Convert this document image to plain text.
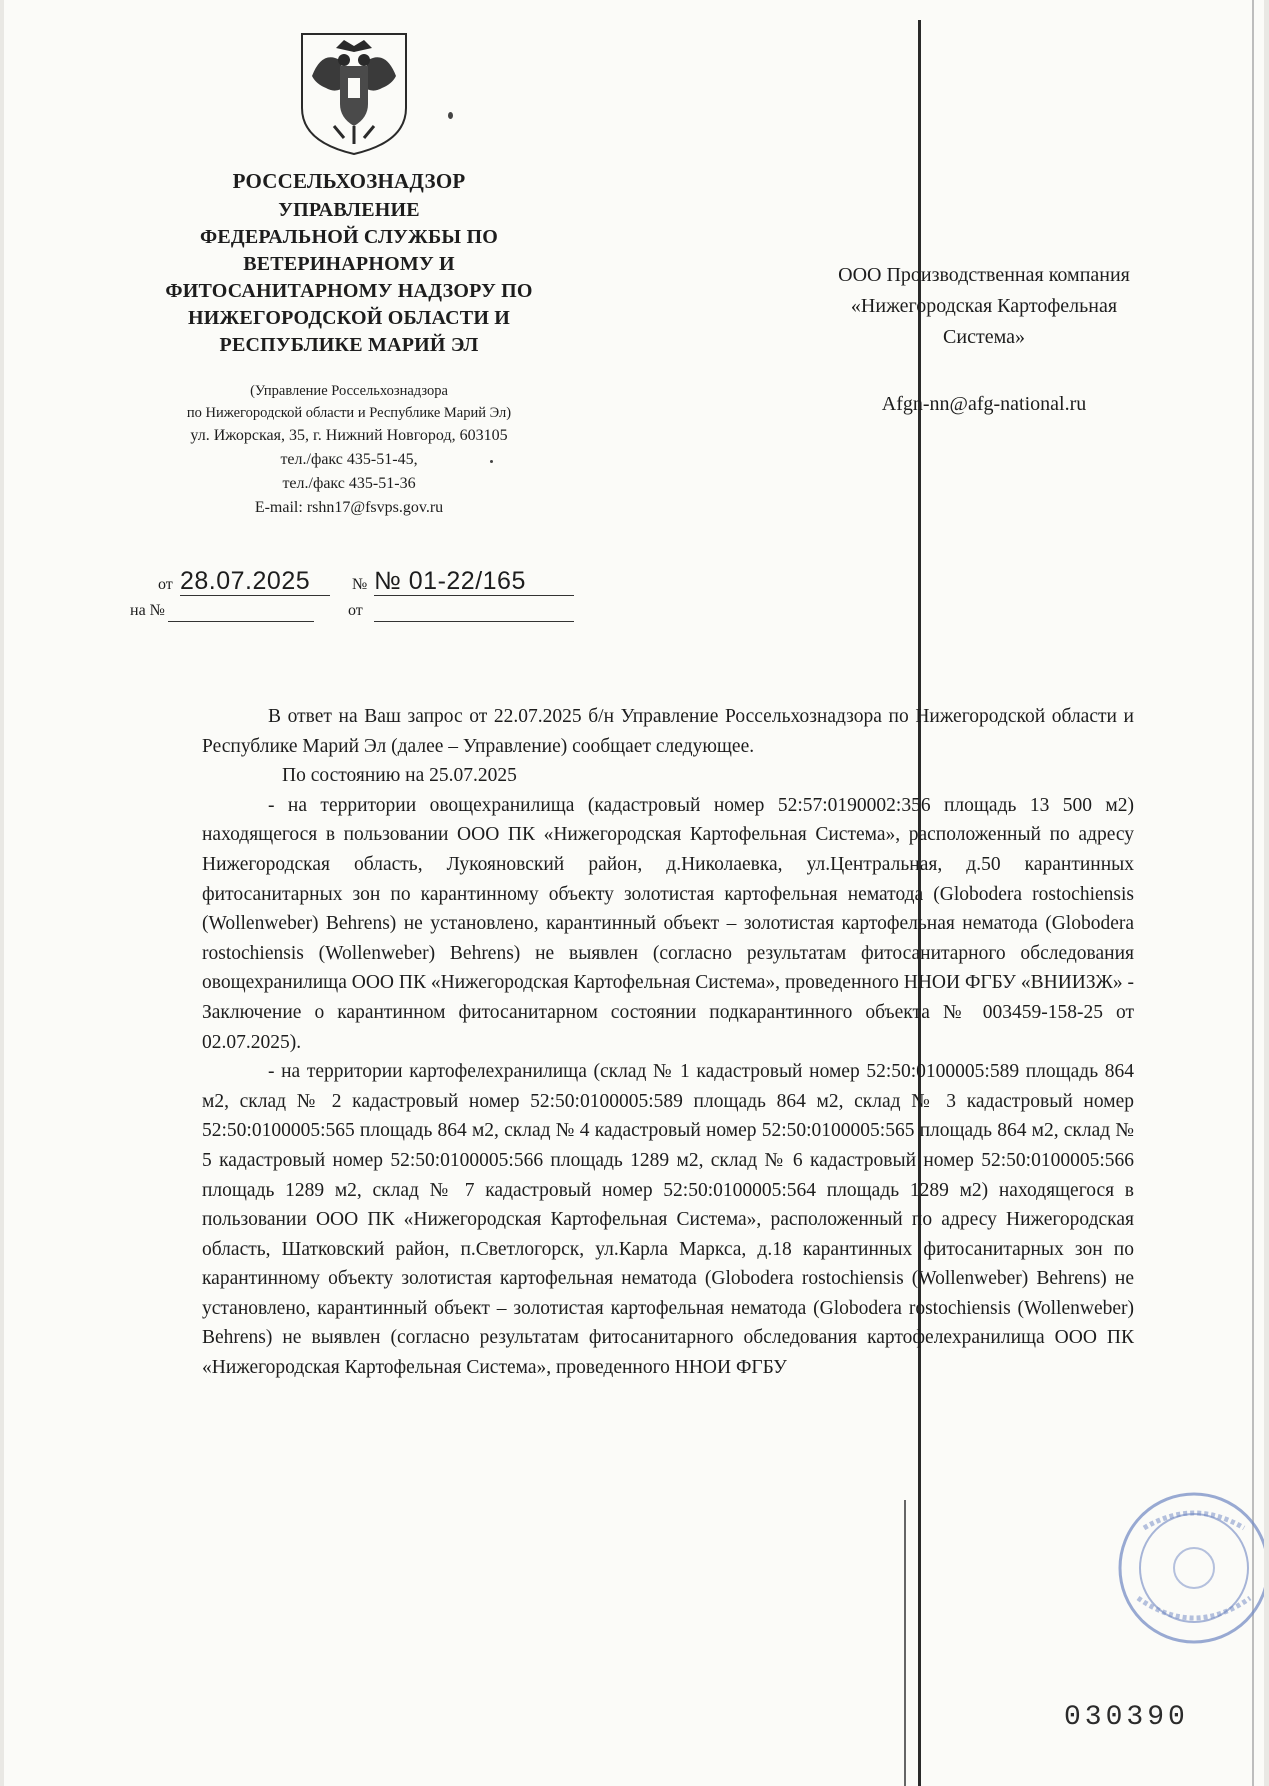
РОССЕЛЬХОЗНАДЗОР
УПРАВЛЕНИЕ
ФЕДЕРАЛЬНОЙ СЛУЖБЫ ПО
ВЕТЕРИНАРНОМУ И
ФИТОСАНИТАРНОМУ НАДЗОРУ ПО
НИЖЕГОРОДСКОЙ ОБЛАСТИ И
РЕСПУБЛИКЕ МАРИЙ ЭЛ
(Управление Россельхознадзора
по Нижегородской области и Республике Марий Эл)
ул. Ижорская, 35, г. Нижний Новгород, 603105
тел./факс 435-51-45,
тел./факс 435-51-36
E-mail: rshn17@fsvps.gov.ru
от 28.07.2025	№ № 01-22/165
на №	от
ООО Производственная компания
«Нижегородская Картофельная
Система»
Afgn-nn@afg-national.ru

В ответ на Ваш запрос от 22.07.2025 б/н Управление Россельхознадзора по Нижегородской области и Республике Марий Эл (далее – Управление) сообщает следующее.

По состоянию на 25.07.2025

- на территории овощехранилища (кадастровый номер 52:57:0190002:356 площадь 13 500 м2) находящегося в пользовании ООО ПК «Нижегородская Картофельная Система», расположенный по адресу Нижегородская область, Лукояновский район, д.Николаевка, ул.Центральная, д.50 карантинных фитосанитарных зон по карантинному объекту золотистая картофельная нематода (Globodera rostochiensis (Wollenweber) Behrens) не установлено, карантинный объект – золотистая картофельная нематода (Globodera rostochiensis (Wollenweber) Behrens) не выявлен (согласно результатам фитосанитарного обследования овощехранилища ООО ПК «Нижегородская Картофельная Система», проведенного ННОИ ФГБУ «ВНИИЗЖ» - Заключение о карантинном фитосанитарном состоянии подкарантинного объекта № 003459-158-25 от 02.07.2025).

- на территории картофелехранилища (склад № 1 кадастровый номер 52:50:0100005:589 площадь 864 м2, склад № 2 кадастровый номер 52:50:0100005:589 площадь 864 м2, склад № 3 кадастровый номер 52:50:0100005:565 площадь 864 м2, склад № 4 кадастровый номер 52:50:0100005:565 площадь 864 м2, склад № 5 кадастровый номер 52:50:0100005:566 площадь 1289 м2, склад № 6 кадастровый номер 52:50:0100005:566 площадь 1289 м2, склад № 7 кадастровый номер 52:50:0100005:564 площадь 1289 м2) находящегося в пользовании ООО ПК «Нижегородская Картофельная Система», расположенный по адресу Нижегородская область, Шатковский район, п.Светлогорск, ул.Карла Маркса, д.18 карантинных фитосанитарных зон по карантинному объекту золотистая картофельная нематода (Globodera rostochiensis (Wollenweber) Behrens) не установлено, карантинный объект – золотистая картофельная нематода (Globodera rostochiensis (Wollenweber) Behrens) не выявлен (согласно результатам фитосанитарного обследования картофелехранилища ООО ПК «Нижегородская Картофельная Система», проведенного ННОИ ФГБУ

030390
